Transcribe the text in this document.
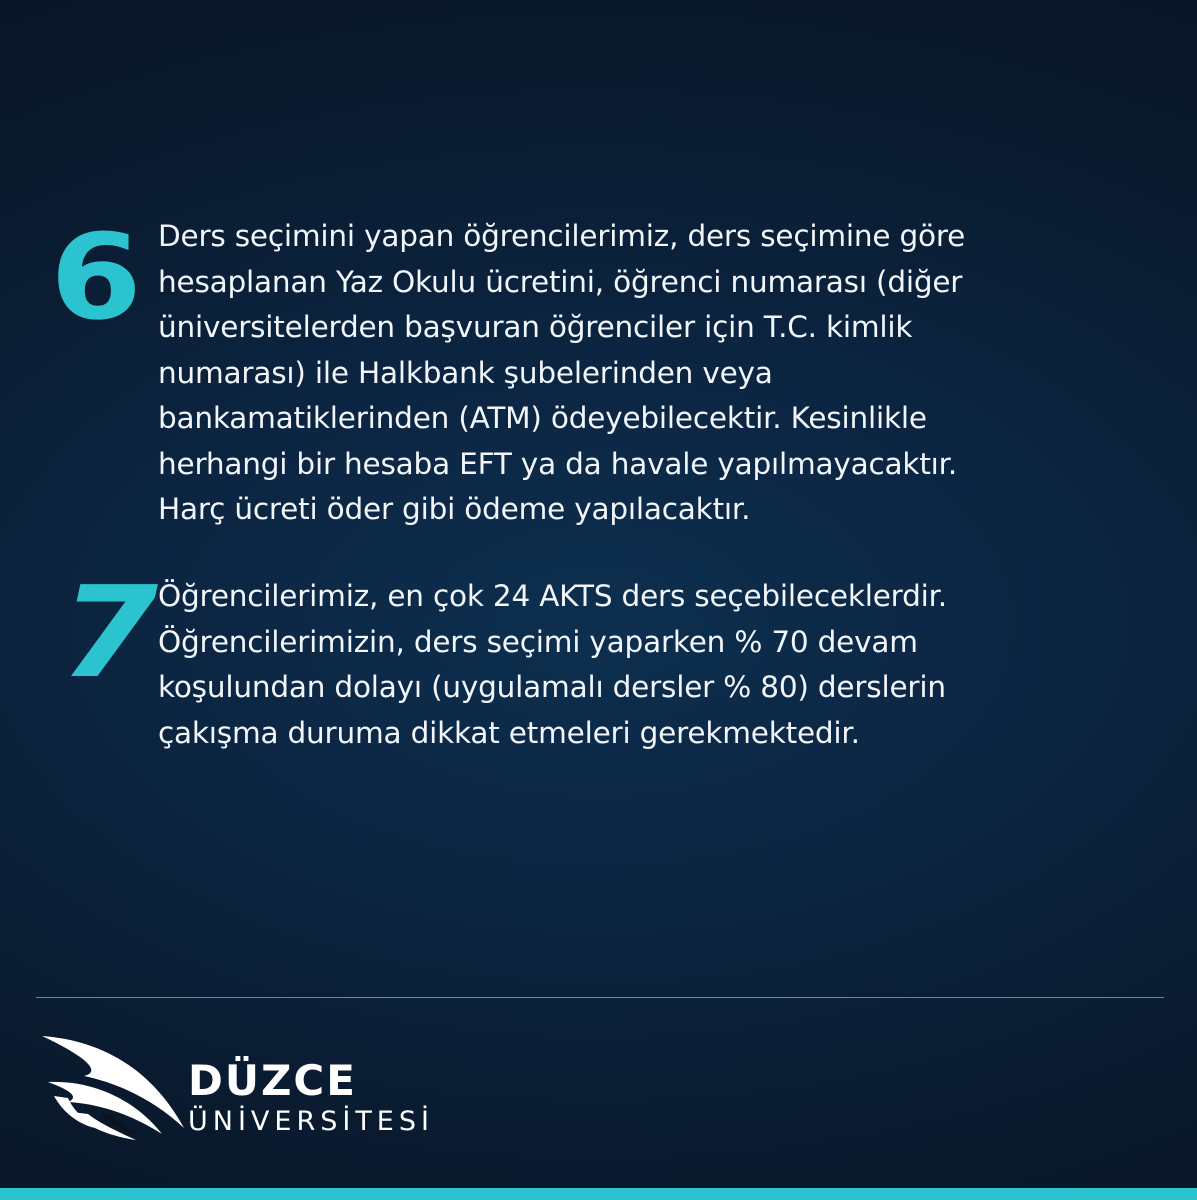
6 Ders seçimini yapan öğrencilerimiz, ders seçimine göre
hesaplanan Yaz Okulu ücretini, öğrenci numarası (diğer
üniversitelerden başvuran öğrenciler için T.C. kimlik
numarası) ile Halkbank şubelerinden veya
bankamatiklerinden (ATM) ödeyebilecektir. Kesinlikle
herhangi bir hesaba EFT ya da havale yapılmayacaktır.
Harç ücreti öder gibi ödeme yapılacaktır.
7 Öğrencilerimiz, en çok 24 AKTS ders seçebileceklerdir.
Öğrencilerimizin, ders seçimi yaparken % 70 devam
koşulundan dolayı (uygulamalı dersler % 80) derslerin
çakışma duruma dikkat etmeleri gerekmektedir.
DÜZCE
ÜNİVERSİTESİ
